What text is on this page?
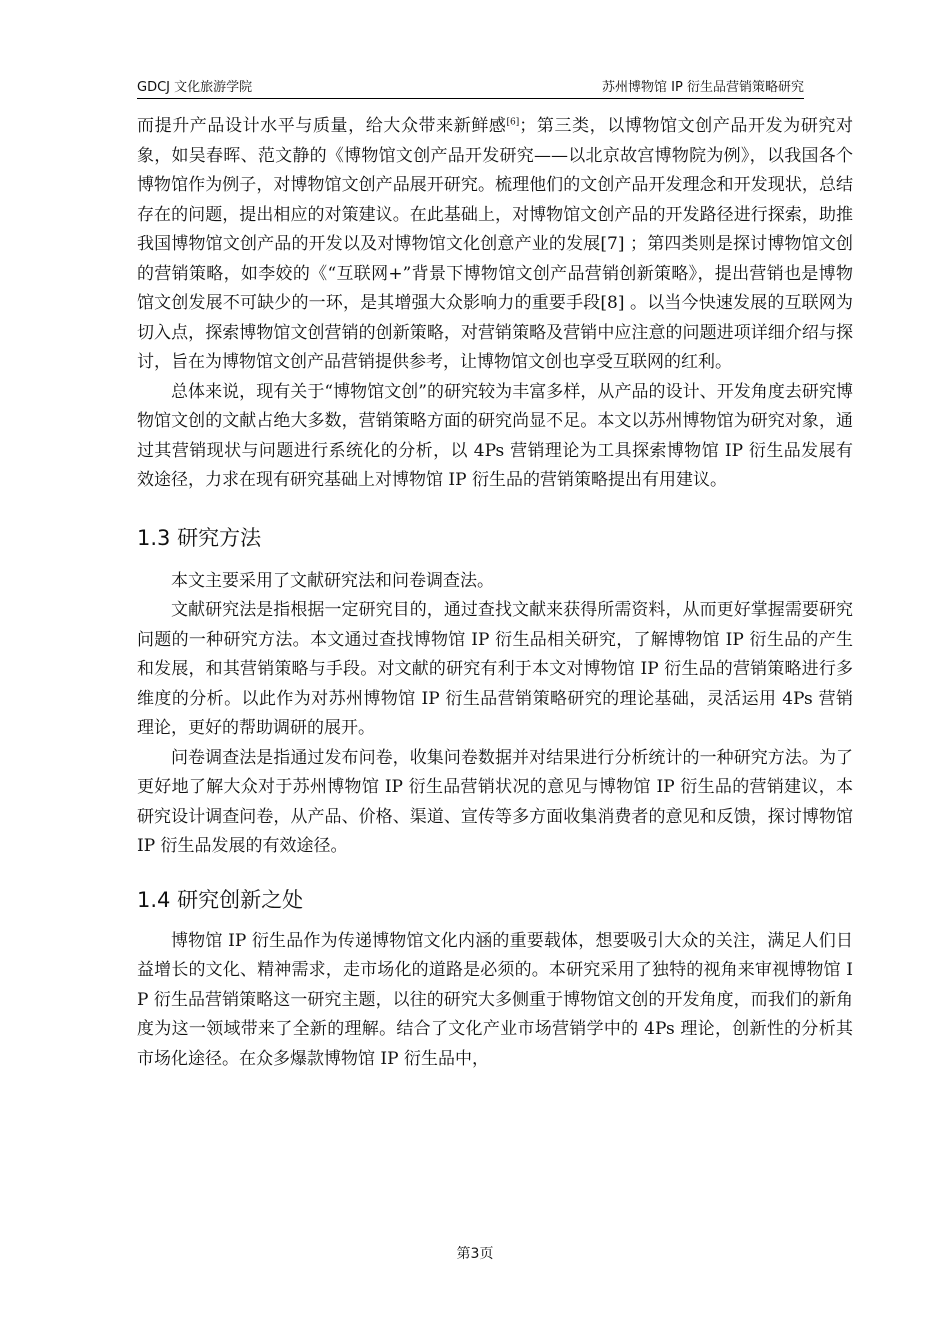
GDCJ 文化旅游学院	苏州博物馆 IP 衍生品营销策略研究

而提升产品设计水平与质量，给大众带来新鲜感[6]；第三类，以博物馆文创产品开发为研究对象，如吴春晖、范文静的《博物馆文创产品开发研究——以北京故宫博物院为例》，以我国各个博物馆作为例子，对博物馆文创产品展开研究。梳理他们的文创产品开发理念和开发现状，总结存在的问题，提出相应的对策建议。在此基础上，对博物馆文创产品的开发路径进行探索，助推我国博物馆文创产品的开发以及对博物馆文化创意产业的发展[7] ；第四类则是探讨博物馆文创的营销策略，如李姣的《“互联网+”背景下博物馆文创产品营销创新策略》，提出营销也是博物馆文创发展不可缺少的一环，是其增强大众影响力的重要手段[8] 。以当今快速发展的互联网为切入点，探索博物馆文创营销的创新策略，对营销策略及营销中应注意的问题进项详细介绍与探讨，旨在为博物馆文创产品营销提供参考，让博物馆文创也享受互联网的红利。

总体来说，现有关于“博物馆文创”的研究较为丰富多样，从产品的设计、开发角度去研究博物馆文创的文献占绝大多数，营销策略方面的研究尚显不足。本文以苏州博物馆为研究对象，通过其营销现状与问题进行系统化的分析，以 4Ps 营销理论为工具探索博物馆 IP 衍生品发展有效途径，力求在现有研究基础上对博物馆 IP 衍生品的营销策略提出有用建议。

1.3 研究方法

本文主要采用了文献研究法和问卷调查法。

文献研究法是指根据一定研究目的，通过查找文献来获得所需资料，从而更好掌握需要研究问题的一种研究方法。本文通过查找博物馆 IP 衍生品相关研究，了解博物馆 IP 衍生品的产生和发展，和其营销策略与手段。对文献的研究有利于本文对博物馆 IP 衍生品的营销策略进行多维度的分析。以此作为对苏州博物馆 IP 衍生品营销策略研究的理论基础，灵活运用 4Ps 营销理论，更好的帮助调研的展开。

问卷调查法是指通过发布问卷，收集问卷数据并对结果进行分析统计的一种研究方法。为了更好地了解大众对于苏州博物馆 IP 衍生品营销状况的意见与博物馆 IP 衍生品的营销建议，本研究设计调查问卷，从产品、价格、渠道、宣传等多方面收集消费者的意见和反馈，探讨博物馆 IP 衍生品发展的有效途径。

1.4 研究创新之处

博物馆 IP 衍生品作为传递博物馆文化内涵的重要载体，想要吸引大众的关注，满足人们日益增长的文化、精神需求，走市场化的道路是必须的。本研究采用了独特的视角来审视博物馆 IP 衍生品营销策略这一研究主题，以往的研究大多侧重于博物馆文创的开发角度，而我们的新角度为这一领域带来了全新的理解。结合了文化产业市场营销学中的 4Ps 理论，创新性的分析其市场化途径。在众多爆款博物馆 IP 衍生品中，

第3页
